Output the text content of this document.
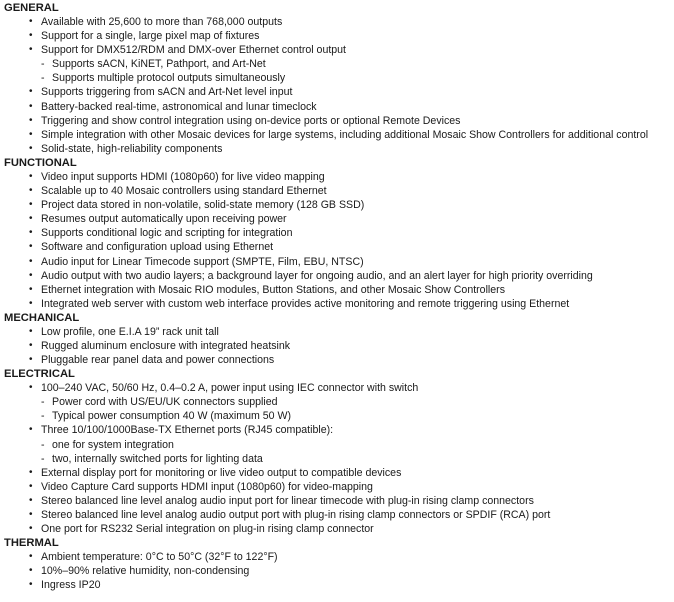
GENERAL
• Available with 25,600 to more than 768,000 outputs
• Support for a single, large pixel map of fixtures
• Support for DMX512/RDM and DMX-over Ethernet control output
- Supports sACN, KiNET, Pathport, and Art-Net
- Supports multiple protocol outputs simultaneously
• Supports triggering from sACN and Art-Net level input
• Battery-backed real-time, astronomical and lunar timeclock
• Triggering and show control integration using on-device ports or optional Remote Devices
• Simple integration with other Mosaic devices for large systems, including additional Mosaic Show Controllers for additional control
• Solid-state, high-reliability components
FUNCTIONAL
• Video input supports HDMI (1080p60) for live video mapping
• Scalable up to 40 Mosaic controllers using standard Ethernet
• Project data stored in non-volatile, solid-state memory (128 GB SSD)
• Resumes output automatically upon receiving power
• Supports conditional logic and scripting for integration
• Software and configuration upload using Ethernet
• Audio input for Linear Timecode support (SMPTE, Film, EBU, NTSC)
• Audio output with two audio layers; a background layer for ongoing audio, and an alert layer for high priority overriding
• Ethernet integration with Mosaic RIO modules, Button Stations, and other Mosaic Show Controllers
• Integrated web server with custom web interface provides active monitoring and remote triggering using Ethernet
MECHANICAL
• Low profile, one E.I.A 19” rack unit tall
• Rugged aluminum enclosure with integrated heatsink
• Pluggable rear panel data and power connections
ELECTRICAL
• 100–240 VAC, 50/60 Hz, 0.4–0.2 A, power input using IEC connector with switch
- Power cord with US/EU/UK connectors supplied
- Typical power consumption 40 W (maximum 50 W)
• Three 10/100/1000Base-TX Ethernet ports (RJ45 compatible):
- one for system integration
- two, internally switched ports for lighting data
• External display port for monitoring or live video output to compatible devices
• Video Capture Card supports HDMI input (1080p60) for video-mapping
• Stereo balanced line level analog audio input port for linear timecode with plug-in rising clamp connectors
• Stereo balanced line level analog audio output port with plug-in rising clamp connectors or SPDIF (RCA) port
• One port for RS232 Serial integration on plug-in rising clamp connector
THERMAL
• Ambient temperature: 0°C to 50°C (32°F to 122°F)
• 10%–90% relative humidity, non-condensing
• Ingress IP20
